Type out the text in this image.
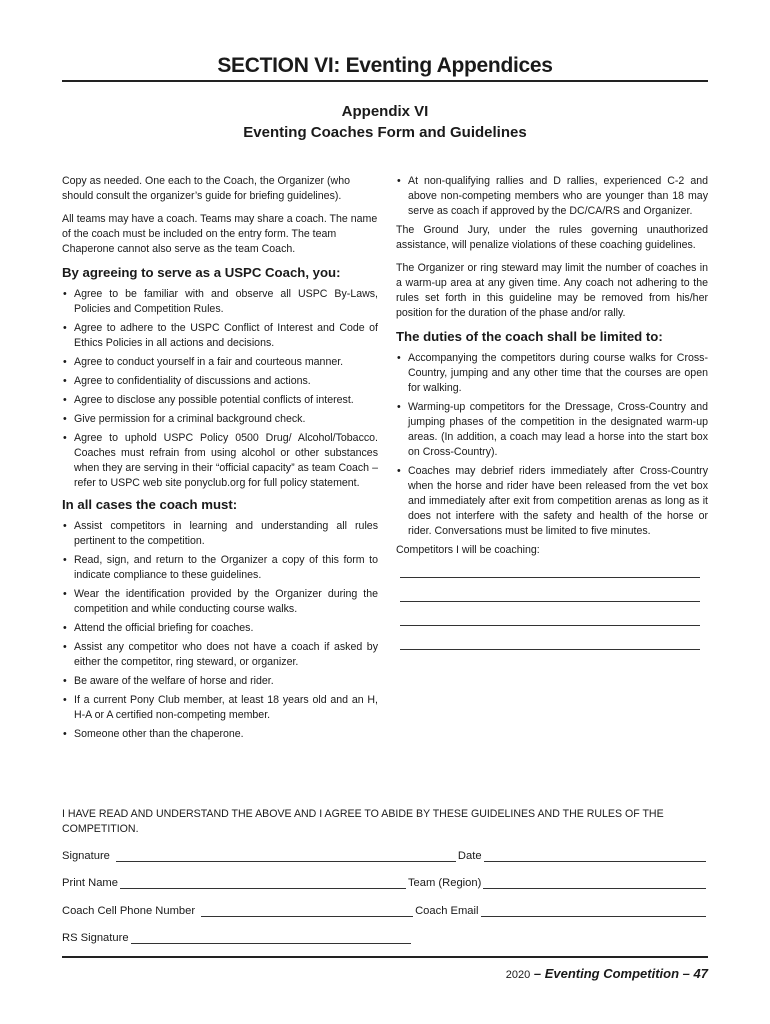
SECTION VI: Eventing Appendices
Appendix VI
Eventing Coaches Form and Guidelines

Copy as needed. One each to the Coach, the Organizer (who should consult the organizer’s guide for briefing guidelines).

All teams may have a coach. Teams may share a coach. The name of the coach must be included on the entry form. The team Chaperone cannot also serve as the team Coach.

By agreeing to serve as a USPC Coach, you:
• Agree to be familiar with and observe all USPC By-Laws, Policies and Competition Rules.
• Agree to adhere to the USPC Conflict of Interest and Code of Ethics Policies in all actions and decisions.
• Agree to conduct yourself in a fair and courteous manner.
• Agree to confidentiality of discussions and actions.
• Agree to disclose any possible potential conflicts of interest.
• Give permission for a criminal background check.
• Agree to uphold USPC Policy 0500 Drug/ Alcohol/Tobacco. Coaches must refrain from using alcohol or other substances when they are serving in their “official capacity” as team Coach – refer to USPC web site ponyclub.org for full policy statement.
In all cases the coach must:
• Assist competitors in learning and understanding all rules pertinent to the competition.
• Read, sign, and return to the Organizer a copy of this form to indicate compliance to these guidelines.
• Wear the identification provided by the Organizer during the competition and while conducting course walks.
• Attend the official briefing for coaches.
• Assist any competitor who does not have a coach if asked by either the competitor, ring steward, or organizer.
• Be aware of the welfare of horse and rider.
• If a current Pony Club member, at least 18 years old and an H, H-A or A certified non-competing member.
• Someone other than the chaperone.
• At non-qualifying rallies and D rallies, experienced C-2 and above non-competing members who are younger than 18 may serve as coach if approved by the DC/CA/RS and Organizer.

The Ground Jury, under the rules governing unauthorized assistance, will penalize violations of these coaching guidelines.

The Organizer or ring steward may limit the number of coaches in a warm-up area at any given time. Any coach not adhering to the rules set forth in this guideline may be removed from his/her position for the duration of the phase and/or rally.

The duties of the coach shall be limited to:
• Accompanying the competitors during course walks for Cross-Country, jumping and any other time that the courses are open for walking.
• Warming-up competitors for the Dressage, Cross-Country and jumping phases of the competition in the designated warm-up areas. (In addition, a coach may lead a horse into the start box on Cross-Country).
• Coaches may debrief riders immediately after Cross-Country when the horse and rider have been released from the vet box and immediately after exit from competition arenas as long as it does not interfere with the safety and health of the horse or rider. Conversations must be limited to five minutes.

Competitors I will be coaching:

I HAVE READ AND UNDERSTAND THE ABOVE AND I AGREE TO ABIDE BY THESE GUIDELINES AND THE RULES OF THE COMPETITION.
Signature	Date
Print Name	Team (Region)
Coach Cell Phone Number	Coach Email
RS Signature
2020 – Eventing Competition – 47
